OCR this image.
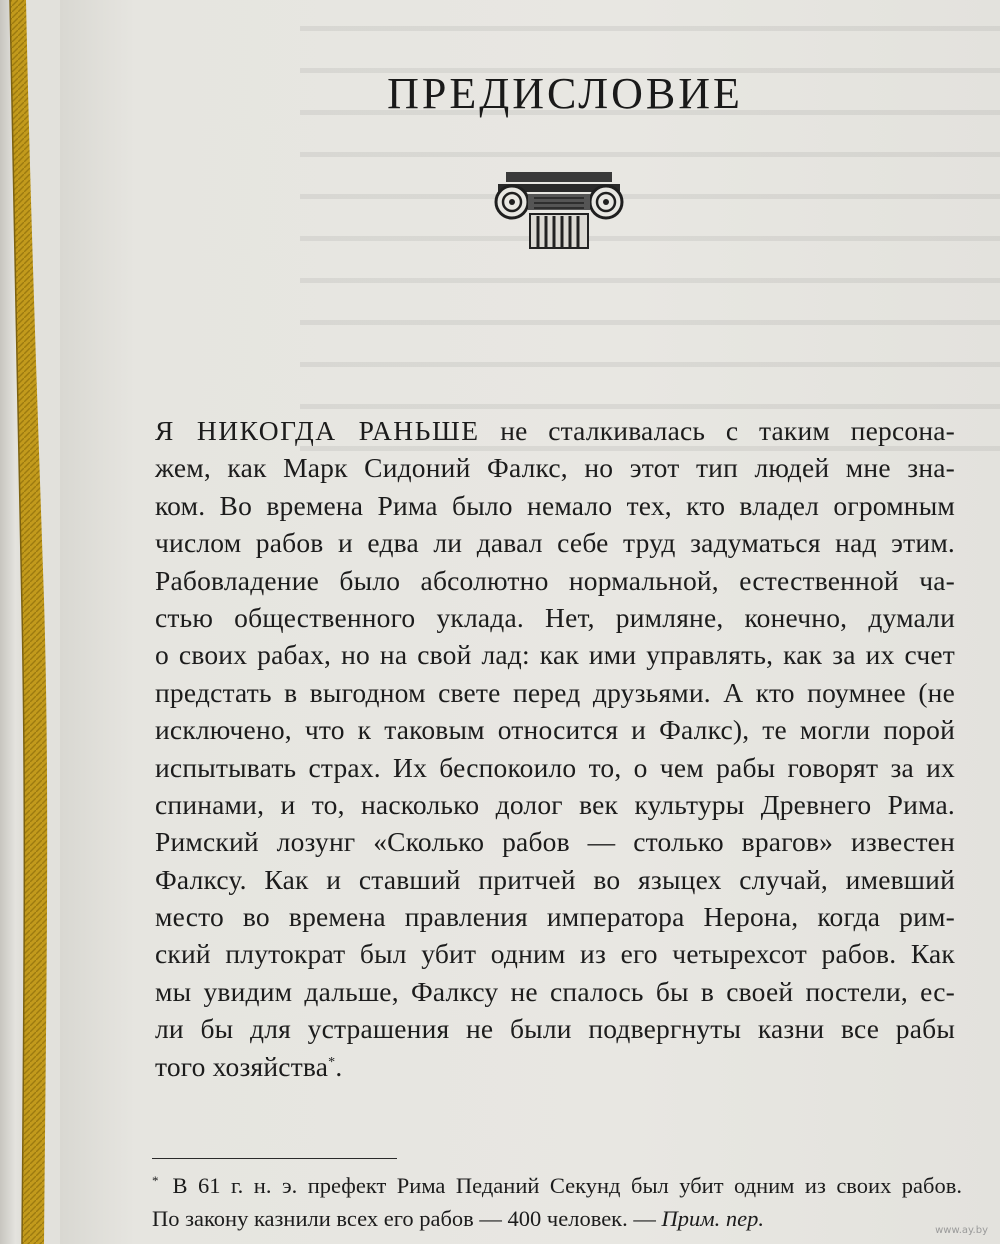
ПРЕДИСЛОВИЕ
Я НИКОГДА РАНЬШЕ не сталкивалась с таким персона-
жем, как Марк Сидоний Фалкс, но этот тип людей мне зна-
ком. Во времена Рима было немало тех, кто владел огромным
числом рабов и едва ли давал себе труд задуматься над этим.
Рабовладение было абсолютно нормальной, естественной ча-
стью общественного уклада. Нет, римляне, конечно, думали
о своих рабах, но на свой лад: как ими управлять, как за их счет
предстать в выгодном свете перед друзьями. А кто поумнее (не
исключено, что к таковым относится и Фалкс), те могли порой
испытывать страх. Их беспокоило то, о чем рабы говорят за их
спинами, и то, насколько долог век культуры Древнего Рима.
Римский лозунг «Сколько рабов — столько врагов» известен
Фалксу. Как и ставший притчей во языцех случай, имевший
место во времена правления императора Нерона, когда рим-
ский плутократ был убит одним из его четырехсот рабов. Как
мы увидим дальше, Фалксу не спалось бы в своей постели, ес-
ли бы для устрашения не были подвергнуты казни все рабы
того хозяйства*.
* В 61 г. н. э. префект Рима Педаний Секунд был убит одним из своих рабов.
По закону казнили всех его рабов — 400 человек. — Прим. пер.	www.ay.by
